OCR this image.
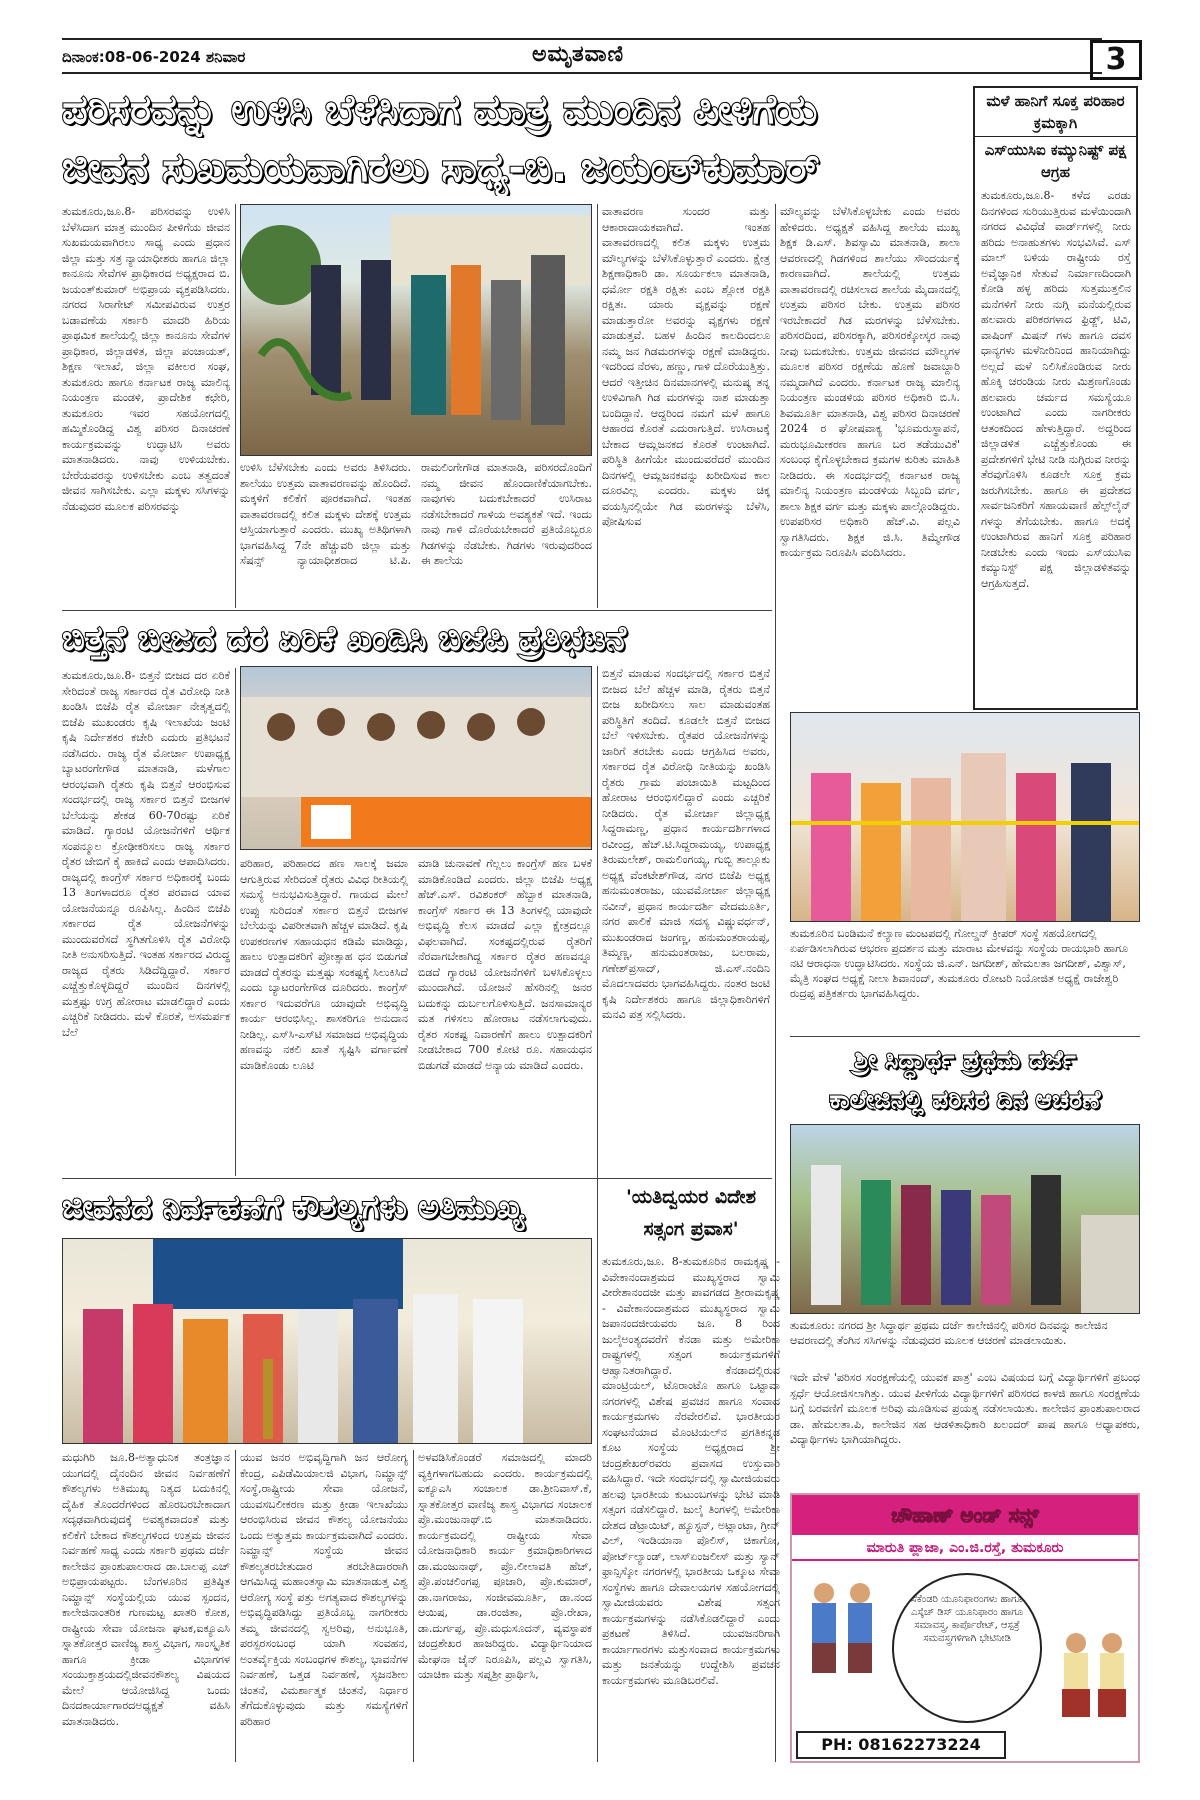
ದಿನಾಂಕ:08-06-2024 ಶನಿವಾರ	ಅಮೃತವಾಣಿ	3
ಪರಿಸರವನ್ನು ಉಳಿಸಿ ಬೆಳೆಸಿದಾಗ ಮಾತ್ರ ಮುಂದಿನ ಪೀಳಿಗೆಯ
ಜೀವನ ಸುಖಮಯವಾಗಿರಲು ಸಾಧ್ಯ-ಬಿ. ಜಯಂತ್‌ಕುಮಾರ್

ತುಮಕೂರು,ಜೂ.8- ಪರಿಸರವನ್ನು ಉಳಿಸಿ ಬೆಳೆಸಿದಾಗ ಮಾತ್ರ ಮುಂದಿನ ಪೀಳಿಗೆಯ ಜೀವನ ಸುಖಮಯವಾಗಿರಲು ಸಾಧ್ಯ ಎಂದು ಪ್ರಧಾನ ಜಿಲ್ಲಾ ಮತ್ತು ಸತ್ರ ನ್ಯಾಯಾಧೀಶರು ಹಾಗೂ ಜಿಲ್ಲಾ ಕಾನೂನು ಸೇವೆಗಳ ಪ್ರಾಧಿಕಾರದ ಅಧ್ಯಕ್ಷರಾದ ಬಿ. ಜಯಂತ್‌ಕುಮಾರ್ ಅಭಿಪ್ರಾಯ ವ್ಯಕ್ತಪಡಿಸಿದರು. ನಗರದ ಸಿರಾಗೇಟ್ ಸಮೀಪವಿರುವ ಉತ್ತರ ಬಡಾವಣೆಯ ಸರ್ಕಾರಿ ಮಾದರಿ ಹಿರಿಯ ಪ್ರಾಥಮಿಕ ಶಾಲೆಯಲ್ಲಿ ಜಿಲ್ಲಾ ಕಾನೂನು ಸೇವೆಗಳ ಪ್ರಾಧಿಕಾರ, ಜಿಲ್ಲಾಡಳಿತ, ಜಿಲ್ಲಾ ಪಂಚಾಯತ್, ಶಿಕ್ಷಣ ಇಲಾಖೆ, ಜಿಲ್ಲಾ ವಕೀಲರ ಸಂಘ, ತುಮಕೂರು ಹಾಗೂ ಕರ್ನಾಟಕ ರಾಜ್ಯ ಮಾಲಿನ್ಯ ನಿಯಂತ್ರಣ ಮಂಡಳಿ, ಪ್ರಾದೇಶಿಕ ಕಛೇರಿ, ತುಮಕೂರು ಇವರ ಸಹಯೋಗದಲ್ಲಿ ಹಮ್ಮಿಕೊಂಡಿದ್ದ ವಿಶ್ವ ಪರಿಸರ ದಿನಾಚರಣೆ ಕಾರ್ಯಕ್ರಮವನ್ನು ಉದ್ಘಾಟಿಸಿ ಅವರು ಮಾತನಾಡಿದರು. ನಾವು ಉಳಿಯಬೇಕು. ಬೇರೆಯವರನ್ನು ಉಳಿಸಬೇಕು ಎಂಬ ತತ್ವದಂತೆ ಜೀವನ ಸಾಗಿಸಬೇಕು. ಎಲ್ಲಾ ಮಕ್ಕಳು ಸಸಿಗಳನ್ನು ನೆಡುವುದರ ಮೂಲಕ ಪರಿಸರವನ್ನು

ಉಳಿಸಿ ಬೆಳೆಸಬೇಕು ಎಂದು ಅವರು ತಿಳಿಸಿದರು. ಶಾಲೆಯು ಉತ್ತಮ ವಾತಾವರಣವನ್ನು ಹೊಂದಿದೆ. ಮಕ್ಕಳಿಗೆ ಕಲಿಕೆಗೆ ಪೂರಕವಾಗಿದೆ. ಇಂತಹ ವಾತಾವರಣದಲ್ಲಿ ಕಲಿತ ಮಕ್ಕಳು ದೇಶಕ್ಕೆ ಉತ್ತಮ ಆಸ್ತಿಯಾಗುತ್ತಾರೆ ಎಂದರು. ಮುಖ್ಯ ಅತಿಥಿಗಳಾಗಿ ಭಾಗವಹಿಸಿದ್ದ 7ನೇ ಹೆಚ್ಚುವರಿ ಜಿಲ್ಲಾ ಮತ್ತು ಸೆಷನ್ಸ್ ನ್ಯಾಯಾಧೀಶರಾದ ಟಿ.ಪಿ. ರಾಮಲಿಂಗೇಗೌಡ ಮಾತನಾಡಿ, ಪರಿಸರದೊಂದಿಗೆ ನಮ್ಮ ಜೀವನ ಹೊಂದಾಣಿಕೆಯಾಗಬೇಕು. ನಾವುಗಳು ಬದುಕಬೇಕಾದರೆ ಉಸಿರಾಟ ನಡೆಸಬೇಕಾದರೆ ಗಾಳಿಯ ಅವಶ್ಯಕತೆ ಇದೆ. ಇಂದು ನಾವು ಗಾಳಿ ದೊರೆಯಬೇಕಾದರೆ ಪ್ರತಿಯೊಬ್ಬರೂ ಗಿಡಗಳನ್ನು ನೆಡಬೇಕು. ಗಿಡಗಳು ಇರುವುದರಿಂದ ಈ ಶಾಲೆಯ

ವಾತಾವರಣ ಸುಂದರ ಮತ್ತು ಆಕಾರಾದಾಯಕವಾಗಿದೆ. ಇಂತಹ ವಾತಾವರಣದಲ್ಲಿ ಕಲಿತ ಮಕ್ಕಳು ಉತ್ತಮ ಮೌಲ್ಯಗಳನ್ನು ಬೆಳೆಸಿಕೊಳ್ಳುತ್ತಾರೆ ಎಂದರು. ಕ್ಷೇತ್ರ ಶಿಕ್ಷಣಾಧಿಕಾರಿ ಡಾ. ಸೂರ್ಯಕಲಾ ಮಾತನಾಡಿ, ಧರ್ಮೋ ರಕ್ಷತಿ ರಕ್ಷಿತಃ ಎಂಬ ಶ್ಲೋಕ ರಕ್ಷತಿ ರಕ್ಷಿತಃ. ಯಾರು ವೃಕ್ಷವನ್ನು ರಕ್ಷಣೆ ಮಾಡುತ್ತಾರೋ ಅವರನ್ನು ವೃಕ್ಷಗಳು ರಕ್ಷಣೆ ಮಾಡುತ್ತವೆ. ಬಹಳ ಹಿಂದಿನ ಕಾಲದಿಂದಲೂ ನಮ್ಮ ಜನ ಗಿಡಮರಗಳನ್ನು ರಕ್ಷಣೆ ಮಾಡಿದ್ದರು. ಇದರಿಂದ ನೆರಳು, ಹಣ್ಣು, ಗಾಳಿ ದೊರೆಯುತ್ತಿತ್ತು. ಆದರೆ ಇತ್ತೀಚಿನ ದಿನಮಾನಗಳಲ್ಲಿ ಮನುಷ್ಯ ತನ್ನ ಉಳಿವಿಗಾಗಿ ಗಿಡ ಮರಗಳನ್ನು ನಾಶ ಮಾಡುತ್ತಾ ಬಂದಿದ್ದಾನೆ. ಆದ್ದರಿಂದ ನಮಗೆ ಮಳೆ ಹಾಗೂ ಆಹಾರದ ಕೊರತೆ ಎದುರಾಗುತ್ತಿದೆ. ಉಸಿರಾಟಕ್ಕೆ ಬೇಕಾದ ಆಮ್ಲಜನಕದ ಕೊರತೆ ಉಂಟಾಗಿದೆ. ಪರಿಸ್ಥಿತಿ ಹೀಗೆಯೇ ಮುಂದುವರೆದರೆ ಮುಂದಿನ ದಿನಗಳಲ್ಲಿ ಆಮ್ಲಜನಕವನ್ನು ಖರೀದಿಸುವ ಕಾಲ ದೂರವಿಲ್ಲ ಎಂದರು. ಮಕ್ಕಳು ಚಿಕ್ಕ ವಯಸ್ಸಿನಲ್ಲಿಯೇ ಗಿಡ ಮರಗಳನ್ನು ಬೆಳೆಸಿ, ಪೋಷಿಸುವ

ಮೌಲ್ಯವನ್ನು ಬೆಳೆಸಿಕೊಳ್ಳಬೇಕು ಎಂದು ಅವರು ಹೇಳಿದರು. ಅಧ್ಯಕ್ಷತೆ ವಹಿಸಿದ್ದ ಶಾಲೆಯ ಮುಖ್ಯ ಶಿಕ್ಷಕ ಡಿ.ಎಸ್. ಶಿವಸ್ವಾಮಿ ಮಾತನಾಡಿ, ಶಾಲಾ ಆವರಣದಲ್ಲಿ ಗಿಡಗಳಿಂದ ಶಾಲೆಯು ಸೌಂದರ್ಯಕ್ಕೆ ಕಾರಣವಾಗಿದೆ. ಶಾಲೆಯಲ್ಲಿ ಉತ್ತಮ ವಾತಾವರಣದಲ್ಲಿ ರಚಿಸಲಾದ ಶಾಲೆಯ ಮೈದಾನದಲ್ಲಿ ಉತ್ತಮ ಪರಿಸರ ಬೇಕು. ಉತ್ತಮ ಪರಿಸರ ಇರಬೇಕಾದರೆ ಗಿಡ ಮರಗಳನ್ನು ಬೆಳೆಸಬೇಕು. ಪರಿಸರದಿಂದ, ಪರಿಸರಕ್ಕಾಗಿ, ಪರಿಸರಕ್ಕೋಸ್ಕರ ನಾವು ನೀವು ಬದುಕಬೇಕು. ಉತ್ತಮ ಜೀವನದ ಮೌಲ್ಯಗಳ ಮೂಲಕ ಪರಿಸರ ರಕ್ಷಣೆಯ ಹೊಣೆ ಜವಾಬ್ದಾರಿ ನಮ್ಮದಾಗಿದೆ ಎಂದರು. ಕರ್ನಾಟಕ ರಾಜ್ಯ ಮಾಲಿನ್ಯ ನಿಯಂತ್ರಣ ಮಂಡಳಿಯ ಪರಿಸರ ಅಧಿಕಾರಿ ಬಿ.ಸಿ. ಶಿವಮೂರ್ತಿ ಮಾತನಾಡಿ, ವಿಶ್ವ ಪರಿಸರ ದಿನಾಚರಣೆ 2024 ರ ಘೋಷವಾಕ್ಯ 'ಭೂಮರುಸ್ಥಾಪನೆ, ಮರುಭೂಮೀಕರಣ ಹಾಗೂ ಬರ ತಡೆಯುವಿಕೆ' ಸಂಬಂಧ ಕೈಗೊಳ್ಳಬೇಕಾದ ಕ್ರಮಗಳ ಕುರಿತು ಮಾಹಿತಿ ನೀಡಿದರು. ಈ ಸಂದರ್ಭದಲ್ಲಿ ಕರ್ನಾಟಕ ರಾಜ್ಯ ಮಾಲಿನ್ಯ ನಿಯಂತ್ರಣ ಮಂಡಳಿಯ ಸಿಬ್ಬಂದಿ ವರ್ಗ, ಶಾಲಾ ಶಿಕ್ಷಕ ವರ್ಗ ಮತ್ತು ಮಕ್ಕಳು ಪಾಲ್ಗೊಂಡಿದ್ದರು. ಉಪಪರಿಸರ ಅಧಿಕಾರಿ ಹೆಚ್.ವಿ. ಪಲ್ಲವಿ ಸ್ವಾಗತಿಸಿದರು. ಶಿಕ್ಷಕ ಜಿ.ಸಿ. ತಿಮ್ಮೇಗೌಡ ಕಾರ್ಯಕ್ರಮ ನಿರೂಪಿಸಿ ವಂದಿಸಿದರು.

ಮಳೆ ಹಾನಿಗೆ ಸೂಕ್ತ ಪರಿಹಾರ ಕ್ರಮಕ್ಕಾಗಿ
ಎಸ್‌ಯುಸಿಐ ಕಮ್ಯುನಿಷ್ಟ್ ಪಕ್ಷ ಆಗ್ರಹ

ತುಮಕೂರು,ಜೂ.8- ಕಳೆದ ಎರಡು ದಿನಗಳಿಂದ ಸುರಿಯುತ್ತಿರುವ ಮಳೆಯಿಂದಾಗಿ ನಗರದ ವಿವಿಧೆಡೆ ವಾರ್ಡ್‌ಗಳಲ್ಲಿ ನೀರು ಹರಿದು ಅನಾಹುತಗಳು ಸಂಭವಿಸಿವೆ. ಎಸ್ ಮಾಲ್ ಬಳಿಯ ರಾಷ್ಟ್ರೀಯ ರಸ್ತೆ ಅವೈಜ್ಞಾನಿಕ ಸೇತುವೆ ನಿರ್ಮಾಣದಿಂದಾಗಿ ಕೋಡಿ ಹಳ್ಳ ಹರಿದು ಸುತ್ತಮುತ್ತಲಿನ ಮನೆಗಳಿಗೆ ನೀರು ನುಗ್ಗಿ ಮನೆಯಲ್ಲಿರುವ ಹಲವಾರು ಪರಿಕರಗಳಾದ ಫ್ರಿಡ್ಜ್, ಟಿವಿ, ವಾಷಿಂಗ್ ಮಿಷನ್ ಗಳು ಹಾಗೂ ದವಸ ಧಾನ್ಯಗಳು ಮಳೆನೀರಿನಿಂದ ಹಾನಿಯಾಗಿದ್ದು ಅಲ್ಲದೆ ಮಳೆ ನಿಲಿಸಿಕೊಂಡಿರುವ ನೀರು ಹೊಕ್ಕಿ ಚರಂಡಿಯ ನೀರು ಮಿಶ್ರಣಗೊಂಡು ಹಲವಾರು ಚರ್ಮದ ಸಮಸ್ಯೆಯೂ ಉಂಟಾಗಿದೆ ಎಂದು ನಾಗರೀಕರು ಆತಂಕದಿಂದ ಹೇಳುತ್ತಿದ್ದಾರೆ. ಅದ್ದರಿಂದ ಜಿಲ್ಲಾಡಳಿತ ಎಚ್ಚೆತ್ತುಕೊಂಡು ಈ ಪ್ರದೇಶಗಳಿಗೆ ಭೇಟಿ ನೀಡಿ ನುಗ್ಗಿರುವ ನೀರನ್ನು ತೆರವುಗೊಳಿಸಿ ಕೂಡಲೇ ಸೂಕ್ತ ಕ್ರಮ ಜರುಗಿಸಬೇಕು. ಹಾಗೂ ಈ ಪ್ರದೇಶದ ಸಾರ್ವಜನಿಕರಿಗೆ ಸಹಾಯವಾಣಿ ಹೆಲ್ಪ್‌ಲೈನ್ ಗಳನ್ನು ತೆಗೆಯಬೇಕು. ಹಾಗೂ ಅದಕ್ಕೆ ಉಂಟಾಗಿರುವ ಹಾನಿಗೆ ಸೂಕ್ತ ಪರಿಹಾರ ನೀಡಬೇಕು ಎಂದು ಇಂದು ಎಸ್‌ಯುಸಿಐ ಕಮ್ಯುನಿಸ್ಟ್ ಪಕ್ಷ ಜಿಲ್ಲಾಡಳಿತವನ್ನು ಆಗ್ರಹಿಸುತ್ತದೆ.

ಬಿತ್ತನೆ ಬೀಜದ ದರ ಏರಿಕೆ ಖಂಡಿಸಿ ಬಿಜೆಪಿ ಪ್ರತಿಭಟನೆ

ತುಮಕೂರು,ಜೂ.8- ಬಿತ್ತನೆ ಬೀಜದ ದರ ಏರಿಕೆ ಸೇರಿದಂತೆ ರಾಜ್ಯ ಸರ್ಕಾರದ ರೈತ ವಿರೋಧಿ ನೀತಿ ಖಂಡಿಸಿ ಬಿಜೆಪಿ ರೈತ ಮೋರ್ಚಾ ನೇತೃತ್ವದಲ್ಲಿ ಬಿಜೆಪಿ ಮುಖಂಡರು ಕೃಷಿ ಇಲಾಖೆಯ ಜಂಟಿ ಕೃಷಿ ನಿರ್ದೇಶಕರ ಕಚೇರಿ ಎದುರು ಪ್ರತಿಭಟನೆ ನಡೆಸಿದರು. ರಾಜ್ಯ ರೈತ ಮೋರ್ಚಾ ಉಪಾಧ್ಯಕ್ಷ ಬ್ಯಾಟರಂಗೇಗೌಡ ಮಾತನಾಡಿ, ಮಳೆಗಾಲ ಆರಂಭವಾಗಿ ರೈತರು ಕೃಷಿ ಬಿತ್ತನೆ ಆರಂಭಿಸುವ ಸಂದರ್ಭದಲ್ಲಿ ರಾಜ್ಯ ಸರ್ಕಾರ ಬಿತ್ತನೆ ಬೀಜಗಳ ಬೆಲೆಯನ್ನು ಶೇಕಡ 60-70ರಷ್ಟು ಏರಿಕೆ ಮಾಡಿದೆ. ಗ್ಯಾರಂಟಿ ಯೋಜನೆಗಳಿಗೆ ಆರ್ಥಿಕ ಸಂಪನ್ಮೂಲ ಕ್ರೋಢೀಕರಿಸಲು ರಾಜ್ಯ ಸರ್ಕಾರ ರೈತರ ಜೇಬಿಗೆ ಕೈ ಹಾಕಿದೆ ಎಂದು ಆಪಾದಿಸಿದರು. ರಾಜ್ಯದಲ್ಲಿ ಕಾಂಗ್ರೆಸ್ ಸರ್ಕಾರ ಅಧಿಕಾರಕ್ಕೆ ಬಂದು 13 ತಿಂಗಳಾದರೂ ರೈತರ ಪರವಾದ ಯಾವ ಯೋಜನೆಯನ್ನೂ ರೂಪಿಸಿಲ್ಲ. ಹಿಂದಿನ ಬಿಜೆಪಿ ಸರ್ಕಾರದ ರೈತ ಯೋಜನೆಗಳನ್ನು ಮುಂದುವರೆಸದೆ ಸ್ಥಗಿತಗೊಳಿಸಿ ರೈತ ವಿರೋಧಿ ನೀತಿ ಅನುಸರಿಸುತ್ತಿದೆ. ಇಂತಹ ಸರ್ಕಾರದ ವಿರುದ್ಧ ರಾಜ್ಯದ ರೈತರು ಸಿಡಿದೆದ್ದಿದ್ದಾರೆ. ಸರ್ಕಾರ ಎಚ್ಚೆತ್ತುಕೊಳ್ಳದಿದ್ದರೆ ಮುಂದಿನ ದಿನಗಳಲ್ಲಿ ಮತ್ತಷ್ಟು ಉಗ್ರ ಹೋರಾಟ ಮಾಡಲಿದ್ದಾರೆ ಎಂದು ಎಚ್ಚರಿಕೆ ನೀಡಿದರು. ಮಳೆ ಕೊರತೆ, ಅಸಮರ್ಪಕ ಬೆಲೆ

ಪರಿಹಾರ, ಪರಿಹಾರದ ಹಣ ಸಾಲಕ್ಕೆ ಜಮಾ ಆಗುತ್ತಿರುವ ಸೇರಿದಂತೆ ರೈತರು ವಿವಿಧ ರೀತಿಯಲ್ಲಿ ಸಮಸ್ಯೆ ಅನುಭವಿಸುತ್ತಿದ್ದಾರೆ. ಗಾಯದ ಮೇಲೆ ಉಪ್ಪು ಸುರಿದಂತೆ ಸರ್ಕಾರ ಬಿತ್ತನೆ ಬೀಜಗಳ ಬೆಲೆಯನ್ನು ವಿಪರೀತವಾಗಿ ಹೆಚ್ಚಳ ಮಾಡಿದೆ. ಕೃಷಿ ಉಪಕರಣಗಳ ಸಹಾಯಧನ ಕಡಿಮೆ ಮಾಡಿದ್ದು, ಹಾಲು ಉತ್ಪಾದಕರಿಗೆ ಪ್ರೋತ್ಸಾಹ ಧನ ಬಿಡುಗಡೆ ಮಾಡದೆ ರೈತರನ್ನು ಮತ್ತಷ್ಟು ಸಂಕಷ್ಟಕ್ಕೆ ಸಿಲುಕಿಸಿದೆ ಎಂದು ಬ್ಯಾಟರಂಗೇಗೌಡ ದೂರಿದರು. ಕಾಂಗ್ರೆಸ್ ಸರ್ಕಾರ ಇದುವರೆಗೂ ಯಾವುದೇ ಅಭಿವೃದ್ಧಿ ಕಾರ್ಯ ಆರಂಭಿಸಿಲ್ಲ. ಶಾಸಕರಿಗೂ ಅನುದಾನ ನೀಡಿಲ್ಲ. ಎಸ್‌ಸಿ-ಎಸ್‌ಟಿ ಸಮಾಜದ ಅಭಿವೃದ್ಧಿಯ ಹಣವನ್ನು ನಕಲಿ ಖಾತೆ ಸೃಷ್ಟಿಸಿ ವರ್ಗಾವಣೆ ಮಾಡಿಕೊಂಡು ಲೂಟಿ

ಮಾಡಿ ಚುನಾವಣೆ ಗೆಲ್ಲಲು ಕಾಂಗ್ರೆಸ್ ಹಣ ಬಳಕೆ ಮಾಡಿಕೊಂಡಿದೆ ಎಂದರು. ಜಿಲ್ಲಾ ಬಿಜೆಪಿ ಅಧ್ಯಕ್ಷ ಹೆಚ್.ಎಸ್. ರವಿಶಂಕರ್ ಹೆಬ್ಬಾಕ ಮಾತನಾಡಿ, ಕಾಂಗ್ರೆಸ್ ಸರ್ಕಾರ ಈ 13 ತಿಂಗಳಲ್ಲಿ ಯಾವುದೇ ಅಭಿವೃದ್ಧಿ ಕೆಲಸ ಮಾಡದೆ ಎಲ್ಲಾ ಕ್ಷೇತ್ರದಲ್ಲೂ ವಿಫಲವಾಗಿದೆ. ಸಂಕಷ್ಟದಲ್ಲಿರುವ ರೈತರಿಗೆ ನೆರವಾಗಬೇಕಾಗಿದ್ದ ಸರ್ಕಾರ ರೈತರ ಹಣವನ್ನೂ ಬಿಡದೆ ಗ್ಯಾರಂಟಿ ಯೋಜನೆಗಳಿಗೆ ಬಳಸಿಕೊಳ್ಳಲು ಮುಂದಾಗಿದೆ. ಯೋಜನೆ ಹೆಸರಿನಲ್ಲಿ ಜನರ ಬದುಕನ್ನು ದುರ್ಬಲಗೊಳಿಸುತ್ತಿದೆ. ಜನಸಾಮಾನ್ಯರ ಮತ ಗಳಿಸಲು ಹೋರಾಟ ನಡೆಸಲಾಗುವುದು. ರೈತರ ಸಂಕಷ್ಟ ನಿವಾರಣೆಗೆ ಹಾಲು ಉತ್ಪಾದಕರಿಗೆ ನೀಡಬೇಕಾದ 700 ಕೋಟಿ ರೂ. ಸಹಾಯಧನ ಬಿಡುಗಡೆ ಮಾಡದೆ ಅನ್ಯಾಯ ಮಾಡಿದೆ ಎಂದರು.

ಬಿತ್ತನೆ ಮಾಡುವ ಸಂದರ್ಭದಲ್ಲಿ ಸರ್ಕಾರ ಬಿತ್ತನೆ ಬೀಜದ ಬೆಲೆ ಹೆಚ್ಚಳ ಮಾಡಿ, ರೈತರು ಬಿತ್ತನೆ ಬೀಜ ಖರೀದಿಸಲು ಸಾಲ ಮಾಡುವಂತಹ ಪರಿಸ್ಥಿತಿಗೆ ತಂದಿದೆ. ಕೂಡಲೇ ಬಿತ್ತನೆ ಬೀಜದ ಬೆಲೆ ಇಳಿಸಬೇಕು. ರೈತಪರ ಯೋಜನೆಗಳನ್ನು ಜಾರಿಗೆ ತರಬೇಕು ಎಂದು ಆಗ್ರಹಿಸಿದ ಅವರು, ಸರ್ಕಾರದ ರೈತ ವಿರೋಧಿ ನೀತಿಯನ್ನು ಖಂಡಿಸಿ ರೈತರು ಗ್ರಾಮ ಪಂಚಾಯಿತಿ ಮಟ್ಟದಿಂದ ಹೋರಾಟ ಆರಂಭಿಸಲಿದ್ದಾರೆ ಎಂದು ಎಚ್ಚರಿಕೆ ನೀಡಿದರು. ರೈತ ಮೋರ್ಚಾ ಜಿಲ್ಲಾಧ್ಯಕ್ಷ ಸಿದ್ದರಾಮಣ್ಣ, ಪ್ರಧಾನ ಕಾರ್ಯದರ್ಶಿಗಳಾದ ರವೀಂದ್ರ, ಹೆಚ್.ಟಿ.ಸಿದ್ದರಾಮಯ್ಯ, ಉಪಾಧ್ಯಕ್ಷ ತಿರುಮಲೇಶ್, ರಾಮಲಿಂಗಯ್ಯ, ಗುಬ್ಬಿ ತಾಲ್ಲೂಕು ಅಧ್ಯಕ್ಷ ವೆಂಕಟೇಶ್‌ಗೌಡ, ನಗರ ಬಿಜೆಪಿ ಅಧ್ಯಕ್ಷ ಹನುಮಂತರಾಜು, ಯುವಮೋರ್ಚಾ ಜಿಲ್ಲಾಧ್ಯಕ್ಷ ನವೀನ್, ಪ್ರಧಾನ ಕಾರ್ಯದರ್ಶಿ ವೇದಮೂರ್ತಿ, ನಗರ ಪಾಲಿಕೆ ಮಾಜಿ ಸದಸ್ಯ ವಿಷ್ಣುವರ್ಧನ್, ಮುಖಂಡರಾದ ಜಂಗಣ್ಣ, ಹನುಮಂತರಾಯಪ್ಪ, ತಿಮ್ಮಣ್ಣ, ಹನುಮಂತರಾಜು, ಬಲರಾಮ, ಗಣೇಶ್‌ಪ್ರಸಾದ್, ಜಿ.ಎಸ್.ನಂದಿನಿ ಮೊದಲಾದವರು ಭಾಗವಹಿಸಿದ್ದರು. ನಂತರ ಜಂಟಿ ಕೃಷಿ ನಿರ್ದೇಶಕರು ಹಾಗೂ ಜಿಲ್ಲಾಧಿಕಾರಿಗಳಿಗೆ ಮನವಿ ಪತ್ರ ಸಲ್ಲಿಸಿದರು.

ತುಮಕೂರಿನ ಬಂಡಿಮನೆ ಕಲ್ಯಾಣ ಮಂಟಪದಲ್ಲಿ ಗೋಲ್ಡನ್ ಕ್ರೀಪರ್ ಸಂಸ್ಥೆ ಸಹಯೋಗದಲ್ಲಿ ಏರ್ಪಡಿಸಲಾಗಿರುವ ಆಭರಣ ಪ್ರದರ್ಶನ ಮತ್ತು ಮಾರಾಟ ಮೇಳವನ್ನು ಸಂಸ್ಥೆಯ ರಾಯಭಾರಿ ಹಾಗೂ ನಟಿ ಆರಾಧನಾ ಉದ್ಘಾಟಿಸಿದರು. ಸಂಸ್ಥೆಯ ಜಿ.ಎನ್. ಜಗದೀಶ್, ಹೇಮಲತಾ ಜಗದೀಶ್, ವಿಶ್ವಾಸ್, ಮೈತ್ರಿ ಸಂಘದ ಅಧ್ಯಕ್ಷೆ ನೀಲಾ ಶಿವಾನಂದ್, ತುಮಕೂರು ರೋಟರಿ ನಿಯೋಜಿತ ಅಧ್ಯಕ್ಷೆ ರಾಜೇಶ್ವರಿ ರುದ್ರಪ್ಪ ಪತ್ರಿಕರ್ತರು ಭಾಗವಹಿಸಿದ್ದರು.
ಶ್ರೀ ಸಿದ್ಧಾರ್ಥ ಪ್ರಥಮ ದರ್ಜೆ
ಕಾಲೇಜಿನಲ್ಲಿ ಪರಿಸರ ದಿನ ಆಚರಣೆ
ತುಮಕೂರು: ನಗರದ ಶ್ರೀ ಸಿದ್ಧಾರ್ಥ ಪ್ರಥಮ ದರ್ಜೆ ಕಾಲೇಜಿನಲ್ಲಿ ಪರಿಸರ ದಿನವನ್ನು ಕಾಲೇಜಿನ ಆವರಣದಲ್ಲಿ ತೆಂಗಿನ ಸಸಿಗಳನ್ನು ನೆಡುವುದರ ಮೂಲಕ ಆಚರಣೆ ಮಾಡಲಾಯಿತು.

ಇದೇ ವೇಳೆ 'ಪರಿಸರ ಸಂರಕ್ಷಣೆಯಲ್ಲಿ ಯುವಕ ಪಾತ್ರ' ಎಂಬ ವಿಷಯದ ಬಗ್ಗೆ ವಿದ್ಯಾರ್ಥಿಗಳಿಗೆ ಪ್ರಬಂಧ ಸ್ಪರ್ಧೆ ಆಯೋಜಿಸಲಾಗಿತ್ತು. ಯುವ ಪೀಳಿಗೆಯ ವಿದ್ಯಾರ್ಥಿಗಳಿಗೆ ಪರಿಸರದ ಕಾಳಜಿ ಹಾಗೂ ಸಂರಕ್ಷಣೆಯ ಬಗ್ಗೆ ಬರವಣಿಗೆ ಮೂಲಕ ಅರಿವು ಮೂಡಿಸುವ ಪ್ರಯತ್ನ ನಡೆಸಲಾಯಿತು. ಕಾಲೇಜಿನ ಪ್ರಾಂಶುಪಾಲರಾದ ಡಾ. ಹೇಮಲತಾ.ಪಿ, ಕಾಲೇಜಿನ ಸಹ ಆಡಳಿತಾಧಿಕಾರಿ ಖಲಂದರ್ ಪಾಷ ಹಾಗೂ ಅಧ್ಯಾಪಕರು, ವಿದ್ಯಾರ್ಥಿಗಳು ಭಾಗಿಯಾಗಿದ್ದರು.

'ಯತಿದ್ವಯರ ವಿದೇಶ
ಸತ್ಸಂಗ ಪ್ರವಾಸ'

ತುಮಕೂರು,ಜೂ. 8-ತುಮಕೂರಿನ ರಾಮಕೃಷ್ಣ - ವಿವೇಕಾನಂದಾಶ್ರಮದ ಮುಖ್ಯಸ್ಥರಾದ ಸ್ವಾಮಿ ವೀರೇಶಾನಂದಜೀ ಮತ್ತು ಪಾವಗಡದ ಶ್ರೀರಾಮಕೃಷ್ಣ - ವಿವೇಕಾನಂದಾಶ್ರಮದ ಮುಖ್ಯಸ್ಥರಾದ ಸ್ವಾಮಿ ಜಪಾನಂದಜೀಯವರು ಜೂ. 8 ರಿಂದ ಜುಲೈಅಂತ್ಯದವರೆಗೆ ಕೆನಡಾ ಮತ್ತು ಅಮೇರಿಕಾ ರಾಷ್ಟ್ರಗಳಲ್ಲಿ ಸತ್ಸಂಗ ಕಾರ್ಯಕ್ರಮಗಳಿಗೆ ಆಹ್ವಾನಿತರಾಗಿದ್ದಾರೆ. ಕೆನಡಾದಲ್ಲಿರುವ ಮಾಂಟ್ರಿಯಲ್, ಟೊರಾಂಟೊ ಹಾಗೂ ಒಟ್ಟಾವಾ ನಗರಗಳಲ್ಲಿ ವಿಶೇಷ ಪ್ರವಚನ ಹಾಗೂ ಸಂವಾದ ಕಾರ್ಯಕ್ರಮಗಳು ನೆರವೇರಲಿವೆ. ಭಾರತೀಯರ ಸಂಘಟನೆಯಾದ ಮೊಂಟಿಯಲ್‌ನ ಪ್ರಗತಿಕನ್ನಡ ಕೂಟ ಸಂಸ್ಥೆಯ ಅಧ್ಯಕ್ಷರಾದ ಶ್ರೀ ಚಂದ್ರಶೇಖರ್‌ರವರು ಪ್ರವಾಸದ ಉಸ್ತುವಾರಿ ವಹಿಸಿದ್ದಾರೆ. ಇದೇ ಸಂದರ್ಭದಲ್ಲಿ ಸ್ವಾಮೀಜಿಯವರು ಹಲವು ಭಾರತೀಯ ಕುಟುಂಬಗಳನ್ನು ಭೇಟಿ ಮಾಡಿ ಸತ್ಸಂಗ ನಡೆಸಲಿದ್ದಾರೆ. ಜುಲೈ ತಿಂಗಳಲ್ಲಿ ಅಮೇರಿಕಾ ದೇಶದ ಡೆಟ್ರಾಯಿಟ್, ಹ್ಯೂಸ್ಟನ್, ಅಟ್ಲಾಂಟಾ, ಗ್ರೀನ್ ವಿಲ್, ಇಂಡಿಯಾನಾ ಪೊಲಿಸ್, ಚಿಕಾಗೋ, ಪೋರ್ಟ್‌ಲ್ಯಾಂಡ್, ಲಾಸ್‌ಏಂಜಲೀಸ್ ಮತ್ತು ಸ್ಯಾನ್ ಫ್ರಾನ್ಸಿಸ್ಕೋ ನಗರಗಳಲ್ಲಿ ಭಾರತೀಯ ಒಕ್ಕೂಟ ಸೇವಾ ಸಂಸ್ಥೆಗಳು ಹಾಗೂ ದೇವಾಲಯಗಳ ಸಹಯೋಗದಲ್ಲಿ ಸ್ವಾಮೀಜಿಯವರು ವಿಶೇಷ ಸತ್ಸಂಗ ಕಾರ್ಯಕ್ರಮಗಳನ್ನು ನಡೆಸಿಕೊಡಲಿದ್ದಾರೆ ಎಂದು ಪ್ರಕಟಣೆ ತಿಳಿಸಿದೆ. ಯುವಜನರಿಗಾಗಿ ಕಾರ್ಯಾಗಾರಗಳು ಮತ್ತುಸಂವಾದ ಕಾರ್ಯಕ್ರಮಗಳು ಮತ್ತು ಜನತೆಯನ್ನು ಉದ್ದೇಶಿಸಿ ಪ್ರವಚನ ಕಾರ್ಯಕ್ರಮಗಳು ಮೂಡಿಬರಲಿವೆ.

ಜೀವನದ ನಿರ್ವಹಣೆಗೆ ಕೌಶಲ್ಯಗಳು ಅತಿಮುಖ್ಯ

ಮಧುಗಿರಿ ಜೂ.8-ಅತ್ಯಾಧುನಿಕ ತಂತ್ರಜ್ಞಾನ ಯುಗದಲ್ಲಿ ದೈನಂದಿನ ಜೀವನ ನಿರ್ವಹಣೆಗೆ ಕೌಶಲ್ಯಗಳು ಅತಿಮುಖ್ಯ ನಿತ್ಯದ ಬದುಕಿನಲ್ಲಿ ದೈಹಿಕ ತೊಂದರೆಗಳಿಂದ ಹೊರಬರಬೇಕಾದಾಗ ಸದೃಢವಾಗಿರುವುದಕ್ಕೆ ಅವಶ್ಯಕವಾದಂತೆ ಮತ್ತು ಕಲಿಕೆಗೆ ಬೇಕಾದ ಕೌಶಲ್ಯಗಳಿಂದ ಉತ್ತಮ ಜೀವನ ನಿರ್ವಹಣೆ ಸಾಧ್ಯ ಎಂದು ಸರ್ಕಾರಿ ಪ್ರಥಮ ದರ್ಜೆ ಕಾಲೇಜಿನ ಪ್ರಾಂಶುಪಾಲರಾದ ಡಾ.ಬಾಲಪ್ಪ ಎಚ್ ಅಭಿಪ್ರಾಯಪಟ್ಟರು. ಬೆಂಗಳೂರಿನ ಪ್ರತಿಷ್ಠಿತ ನಿಮ್ಹಾನ್ಸ್ ಸಂಸ್ಥೆಯಲ್ಲಿಯ ಯುವ ಸ್ಪಂದನ, ಕಾಲೇಜಿನಾಂತರಿಕ ಗುಣಮಟ್ಟ ಖಾತರಿ ಕೋಶ, ರಾಷ್ಟ್ರೀಯ ಸೇವಾ ಯೋಜನಾ ಘಟಕ,ಐಕ್ಯೂಎಸಿ ಸ್ನಾತಕೋತ್ತರ ವಾಣಿಜ್ಯ ಶಾಸ್ತ್ರ ವಿಭಾಗ, ಸಾಂಸ್ಕೃತಿಕ ಹಾಗೂ ಕ್ರೀಡಾ ವಿಭಾಗಗಳ ಸಂಯುಕ್ತಾಶ್ರಯದಲ್ಲಿಜೀವನಕೌಶಲ್ಯ ವಿಷಯದ ಮೇಲೆ ಆಯೋಜಿಸಿದ್ದ ಒಂದು ದಿನದಕಾರ್ಯಾಗಾರದಅಧ್ಯಕ್ಷತೆ ವಹಿಸಿ ಮಾತನಾಡಿದರು.

ಯುವ ಜನರ ಅಭಿವೃದ್ಧಿಗಾಗಿ ಜನ ಆರೋಗ್ಯ ಕೇಂದ್ರ, ಎಪಿಡೆಮಿಯಾಲಜಿ ವಿಭಾಗ, ನಿಮ್ಹಾನ್ಸ್ ಸಂಸ್ಥೆ,ರಾಷ್ಟ್ರೀಯ ಸೇವಾ ಯೋಜನೆ, ಯುವಸಬಲೀಕರಣ ಮತ್ತು ಕ್ರೀಡಾ ಇಲಾಖೆಯು ಆರಂಭಿಸಿರುವ ಜೀವನ ಕೌಶಲ್ಯ ಯೋಜನೆಯು ಒಂದು ಅತ್ಯುತ್ತಮ ಕಾರ್ಯಕ್ರಮವಾಗಿದೆ ಎಂದರು. ನಿಮ್ಹಾನ್ಸ್ ಸಂಸ್ಥೆಯ ಜೀವನ ಕೌಶಲ್ಯತರಬೇತುದಾರ ತರಬೇತಿದಾರರಾಗಿ ಆಗಮಿಸಿದ್ದ ಮಹಾಂತಸ್ವಾಮಿ ಮಾತನಾಡುತ್ತ ವಿಶ್ವ ಆರೋಗ್ಯ ಸಂಸ್ಥೆ ಪತ್ತು ಅಗತ್ಯವಾದ ಕೌಶಲ್ಯಗಳನ್ನು ಅಭಿವೃದ್ಧಿಪಡಿಸಿದ್ದು ಪ್ರತಿಯೊಬ್ಬ ನಾಗರೀಕರು ತಮ್ಮ ಜೀವನದಲ್ಲಿ ಸ್ವಅರಿವು, ಅನುಭೂತಿ, ಪರಸ್ಪರಸಂಬಂಧ ಯಾಗಿ ಸಂವಹನ, ಅಂತರ್ವೈಕ್ತಿಯ ಸಂಬಂಧಗಳ ಕೌಶಲ್ಯ, ಭಾವನೆಗಳ ನಿರ್ವಹಣೆ, ಒತ್ತಡ ನಿರ್ವಹಣೆ, ಸೃಜನಶೀಲ ಚಿಂತನೆ, ವಿಮರ್ಶಾತ್ಮಕ ಚಿಂತನೆ, ನಿರ್ಧಾರ ತೆಗೆದುಕೊಳ್ಳುವುದು ಮತ್ತು ಸಮಸ್ಯೆಗಳಿಗೆ ಪರಿಹಾರ

ಅಳವಡಿಸಿಕೊಂಡರೆ ಸಮಾಜದಲ್ಲಿ ಮಾದರಿ ವ್ಯಕ್ತಿಗಳಾಗಬಹುದು ಎಂದರು. ಕಾರ್ಯಕ್ರಮದಲ್ಲಿ ಐಕ್ಯೂಎಸಿ ಸಂಚಾಲಕ ಡಾ.ಶ್ರೀನಿವಾಸ್.ಕೆ, ಸ್ನಾತಕೋತ್ತರ ವಾಣಿಜ್ಯ ಶಾಸ್ತ್ರ ವಿಭಾಗದ ಸಂಚಾಲಕ ಪ್ರೊ.ಮಂಜುನಾಥ್.ಬಿ ಮಾತನಾಡಿದರು. ಕಾರ್ಯಕ್ರಮದಲ್ಲಿ ರಾಷ್ಟ್ರೀಯ ಸೇವಾ ಯೋಜನಾಧಿಕಾರಿ ಕಾರ್ಯ ಕ್ರಮಾಧಿಕಾರಿಗಳಾದ ಡಾ.ಮಂಜುನಾಥ್, ಪ್ರೊ.ಲೀಲಾವತಿ ಹೆಚ್, ಪ್ರೊ.ಪಂಚಲಿಂಗಪ್ಪ ಪೂಜಾರಿ, ಪ್ರೊ.ಕುಮಾರ್, ಡಾ.ನಾಗರಾಜು, ಸಂಜೀವಮೂರ್ತಿ, ಡಾ.ನಂದ ಆಯಿಷ, ಡಾ.ರಂಜಿತಾ, ಪ್ರೊ.ರೇಖಾ, ಡಾ.ದುರ್ಗಪ್ಪ, ಪ್ರೊ.ಮಧುಸೂದನ್, ವ್ಯವಸ್ಥಾಪಕ ಚಂದ್ರಶೇಖರ ಹಾಜರಿದ್ದರು. ವಿದ್ಯಾರ್ಥಿನಿಯಾದ ಮೇಘನಾ ಜೈನ್ ನಿರೂಪಿಸಿ, ಪಲ್ಲವಿ ಸ್ವಾಗತಿಸಿ, ಯಾಚಿಕಾ ಮತ್ತು ಸಪ್ನಶ್ರೀ ಪ್ರಾರ್ಥಿಸಿ,

ಚೌಹಾಣ್ ಅಂಡ್ ಸನ್ಸ್
ಮಾರುತಿ ಪ್ಲಾಜಾ, ಎಂ.ಜಿ.ರಸ್ತೆ, ತುಮಕೂರು
ಸೆಕೆಂಡರಿ ಯೂನಿಫಾರಂಗಳು ಹಾಗೂ ಎಸ್ಕೆಚ್ ಡಿಸ್ ಯೂನಿಫಾರಂ ಹಾಗೂ ಸಮಾವಸ್ತ್ರ, ಕಾರ್ಪೊರೇಟ್, ಆಸ್ಪತ್ರೆ ಸಮವಸ್ತ್ರಗಳಿಗಾಗಿ ಭೇಟಿನೀಡಿ
PH: 08162273224
